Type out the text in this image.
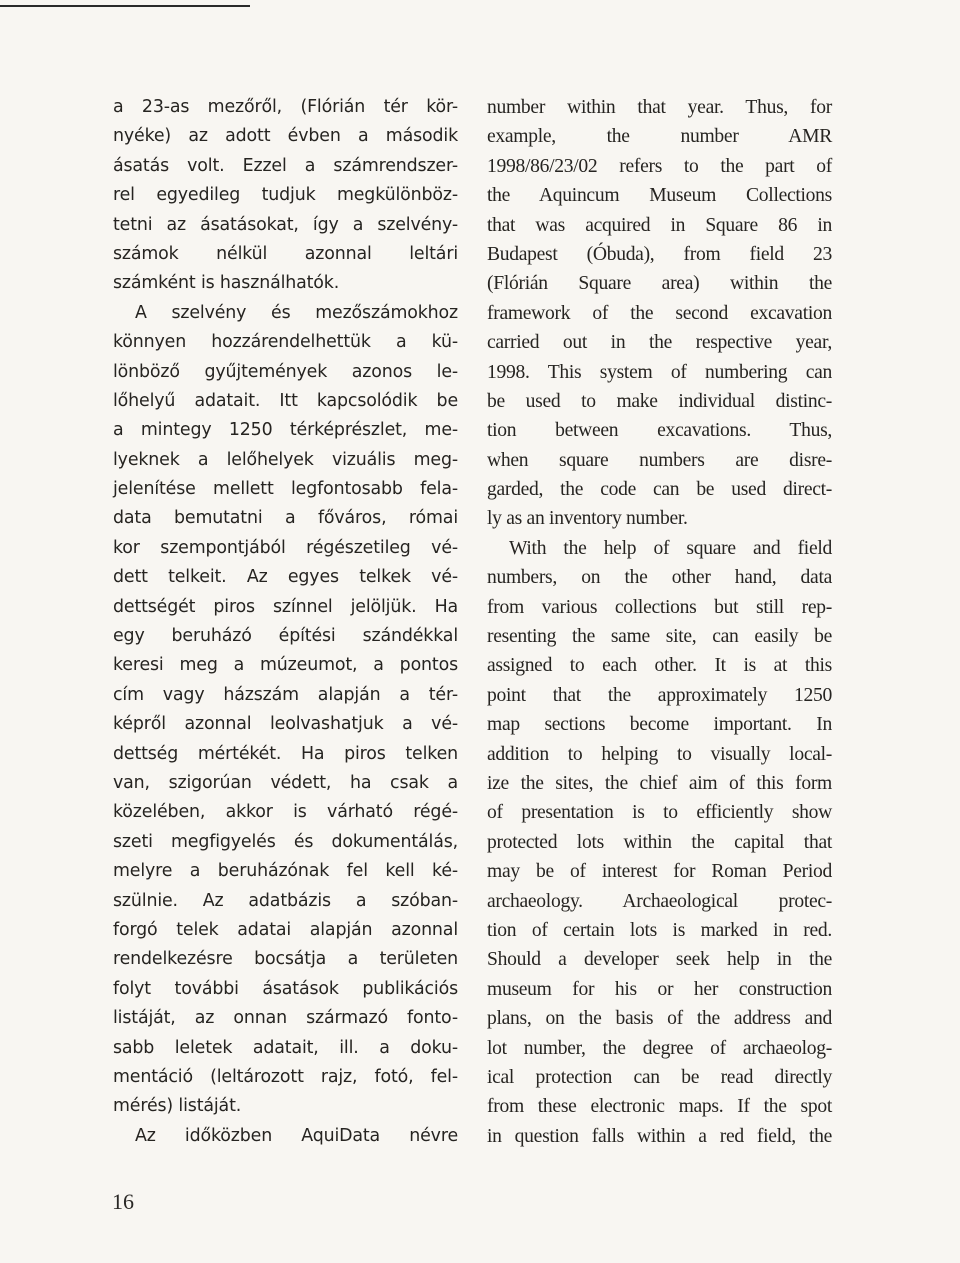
a 23-as mezőről, (Flórián tér kör-
nyéke) az adott évben a második
ásatás volt. Ezzel a számrendszer-
rel egyedileg tudjuk megkülönböz-
tetni az ásatásokat, így a szelvény-
számok nélkül azonnal leltári
számként is használhatók.
A szelvény és mezőszámokhoz
könnyen hozzárendelhettük a kü-
lönböző gyűjtemények azonos le-
lőhelyű adatait. Itt kapcsolódik be
a mintegy 1250 térképrészlet, me-
lyeknek a lelőhelyek vizuális meg-
jelenítése mellett legfontosabb fela-
data bemutatni a főváros, római
kor szempontjából régészetileg vé-
dett telkeit. Az egyes telkek vé-
dettségét piros színnel jelöljük. Ha
egy beruházó építési szándékkal
keresi meg a múzeumot, a pontos
cím vagy házszám alapján a tér-
képről azonnal leolvashatjuk a vé-
dettség mértékét. Ha piros telken
van, szigorúan védett, ha csak a
közelében, akkor is várható régé-
szeti megfigyelés és dokumentálás,
melyre a beruházónak fel kell ké-
szülnie. Az adatbázis a szóban-
forgó telek adatai alapján azonnal
rendelkezésre bocsátja a területen
folyt további ásatások publikációs
listáját, az onnan származó fonto-
sabb leletek adatait, ill. a doku-
mentáció (leltározott rajz, fotó, fel-
mérés) listáját.
Az időközben AquiData névre
number within that year. Thus, for
example, the number AMR
1998/86/23/02 refers to the part of
the Aquincum Museum Collections
that was acquired in Square 86 in
Budapest (Óbuda), from field 23
(Flórián Square area) within the
framework of the second excavation
carried out in the respective year,
1998. This system of numbering can
be used to make individual distinc-
tion between excavations. Thus,
when square numbers are disre-
garded, the code can be used direct-
ly as an inventory number.
With the help of square and field
numbers, on the other hand, data
from various collections but still rep-
resenting the same site, can easily be
assigned to each other. It is at this
point that the approximately 1250
map sections become important. In
addition to helping to visually local-
ize the sites, the chief aim of this form
of presentation is to efficiently show
protected lots within the capital that
may be of interest for Roman Period
archaeology. Archaeological protec-
tion of certain lots is marked in red.
Should a developer seek help in the
museum for his or her construction
plans, on the basis of the address and
lot number, the degree of archaeolog-
ical protection can be read directly
from these electronic maps. If the spot
in question falls within a red field, the
16
